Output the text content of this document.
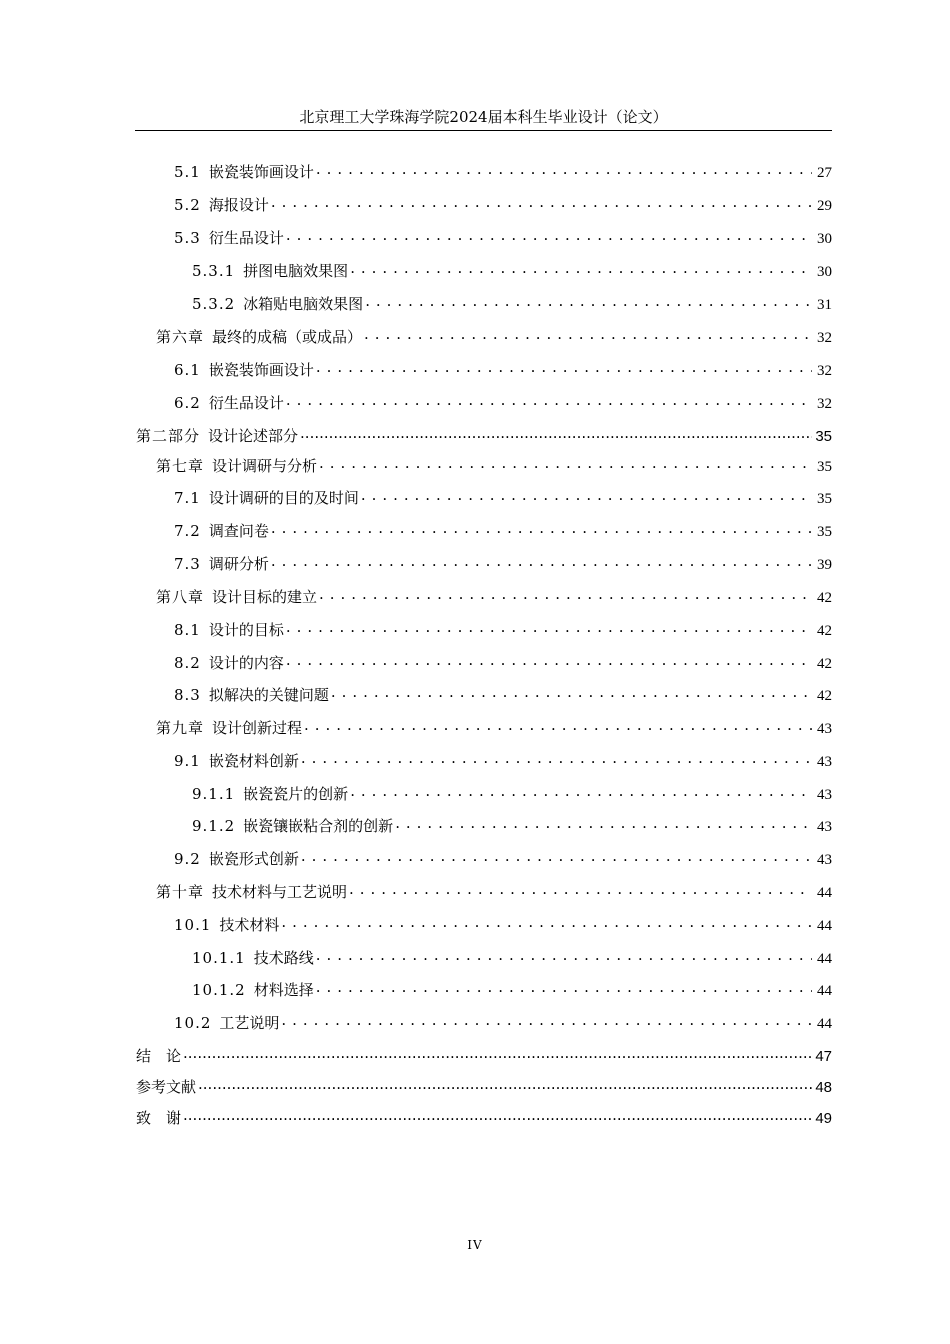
北京理工大学珠海学院2024届本科生毕业设计（论文）
5.1 嵌瓷装饰画设计 . . .	27
5.2 海报设计 . . .	29
5.3 衍生品设计 . . .	30
5.3.1 拼图电脑效果图 . . .	30
5.3.2 冰箱贴电脑效果图 . . .	31
第六章 最终的成稿（或成品） . . .	32
6.1 嵌瓷装饰画设计 . . .	32
6.2 衍生品设计 . . .	32
第二部分 设计论述部分 .....	35
第七章 设计调研与分析 . . .	35
7.1 设计调研的目的及时间 . . .	35
7.2 调查问卷 . . .	35
7.3 调研分析 . . .	39
第八章 设计目标的建立 . . .	42
8.1 设计的目标 . . .	42
8.2 设计的内容 . . .	42
8.3 拟解决的关键问题 . . .	42
第九章 设计创新过程 . . .	43
9.1 嵌瓷材料创新 . . .	43
9.1.1 嵌瓷瓷片的创新 . . .	43
9.1.2 嵌瓷镶嵌粘合剂的创新 . . .	43
9.2 嵌瓷形式创新 . . .	43
第十章 技术材料与工艺说明 . . .	44
10.1 技术材料 . . .	44
10.1.1 技术路线 . . .	44
10.1.2 材料选择 . . .	44
10.2 工艺说明 . . .	44
结　论 .....	47
参考文献 .....	48
致　谢 .....	49
IV
